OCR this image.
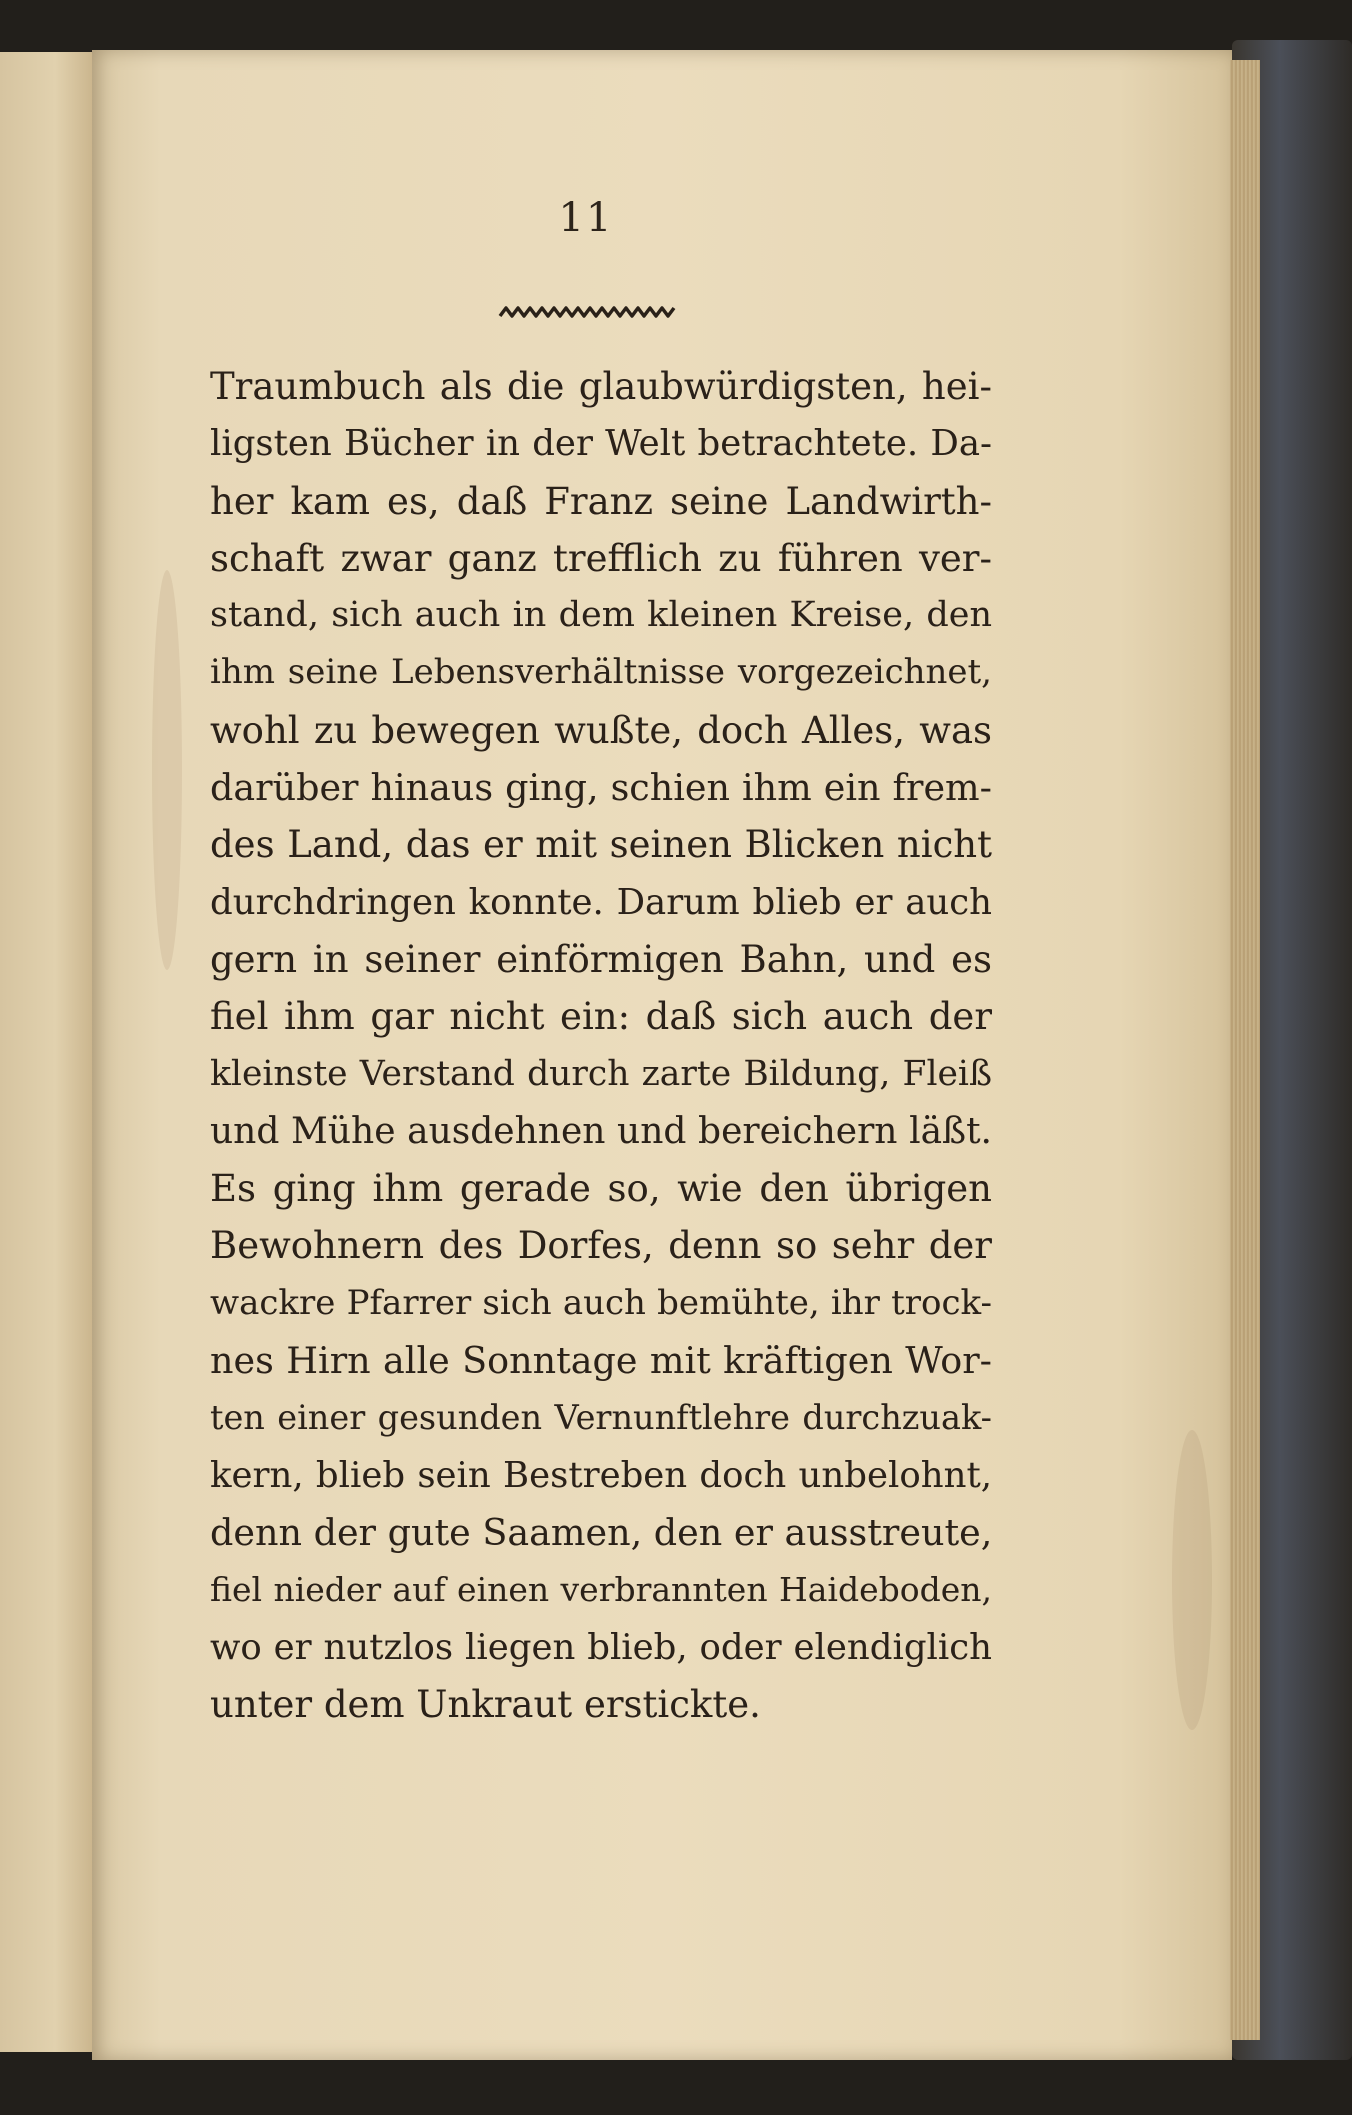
11
Traumbuch als die glaubwürdigsten, hei-
ligsten Bücher in der Welt betrachtete. Da-
her kam es, daß Franz seine Landwirth-
schaft zwar ganz trefflich zu führen ver-
stand, sich auch in dem kleinen Kreise, den
ihm seine Lebensverhältnisse vorgezeichnet,
wohl zu bewegen wußte, doch Alles, was
darüber hinaus ging, schien ihm ein frem-
des Land, das er mit seinen Blicken nicht
durchdringen konnte. Darum blieb er auch
gern in seiner einförmigen Bahn, und es
fiel ihm gar nicht ein: daß sich auch der
kleinste Verstand durch zarte Bildung, Fleiß
und Mühe ausdehnen und bereichern läßt.
Es ging ihm gerade so, wie den übrigen
Bewohnern des Dorfes, denn so sehr der
wackre Pfarrer sich auch bemühte, ihr trock-
nes Hirn alle Sonntage mit kräftigen Wor-
ten einer gesunden Vernunftlehre durchzuak-
kern, blieb sein Bestreben doch unbelohnt,
denn der gute Saamen, den er ausstreute,
fiel nieder auf einen verbrannten Haideboden,
wo er nutzlos liegen blieb, oder elendiglich
unter dem Unkraut erstickte.
